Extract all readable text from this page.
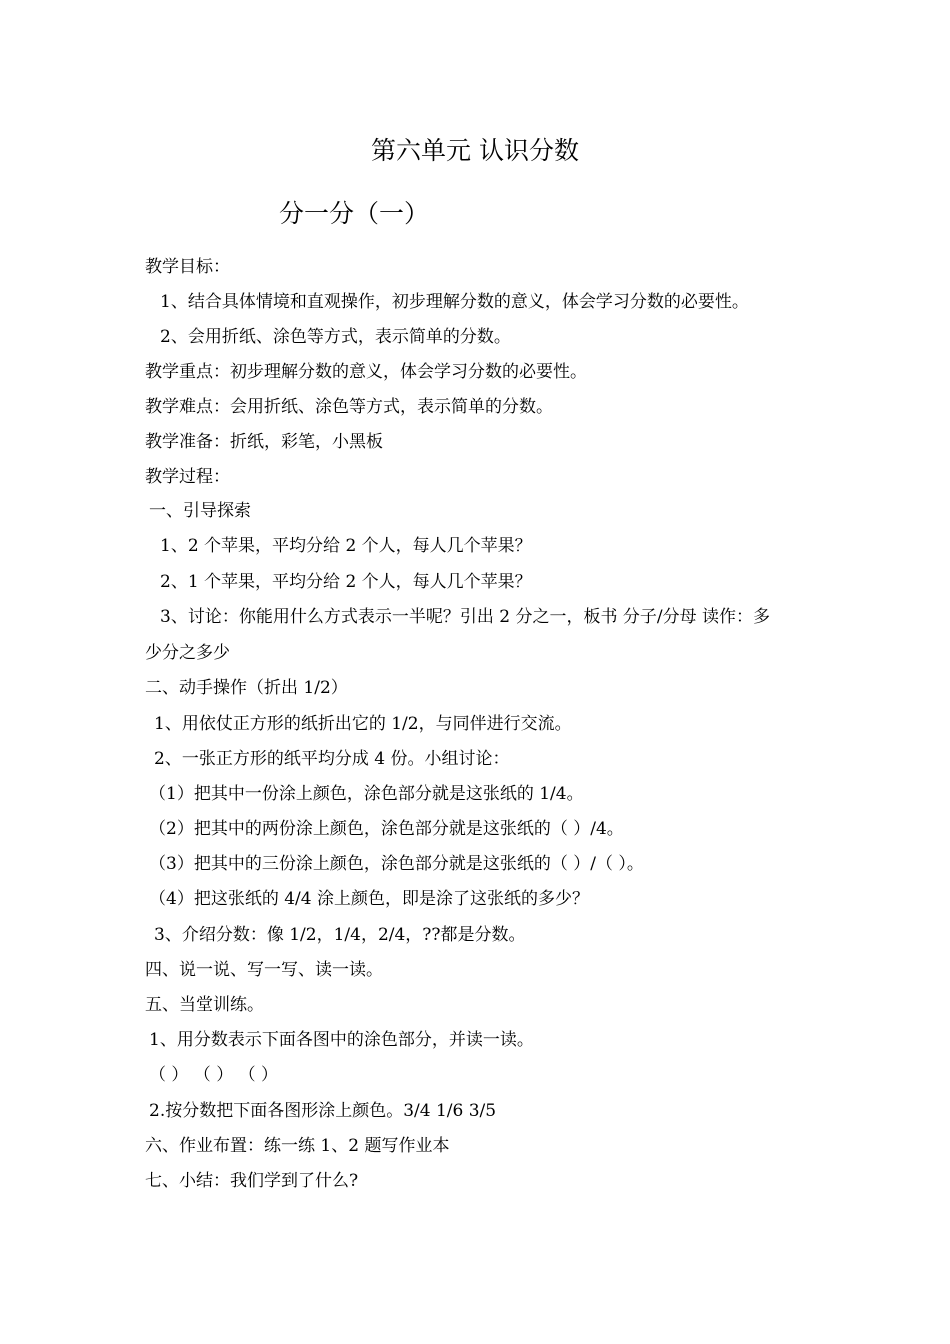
第六单元 认识分数
分一分（一）
教学目标：
1、结合具体情境和直观操作，初步理解分数的意义，体会学习分数的必要性。
2、会用折纸、涂色等方式，表示简单的分数。
教学重点：初步理解分数的意义，体会学习分数的必要性。
教学难点：会用折纸、涂色等方式，表示简单的分数。
教学准备：折纸，彩笔，小黑板
教学过程：
一、引导探索
1、2 个苹果，平均分给 2 个人，每人几个苹果？
2、1 个苹果，平均分给 2 个人，每人几个苹果？
3、讨论：你能用什么方式表示一半呢？引出 2 分之一，板书 分子/分母 读作：多
少分之多少
二、动手操作（折出 1/2）
1、用依仗正方形的纸折出它的 1/2，与同伴进行交流。
2、一张正方形的纸平均分成 4 份。小组讨论：
（1）把其中一份涂上颜色，涂色部分就是这张纸的 1/4。
（2）把其中的两份涂上颜色，涂色部分就是这张纸的（ ）/4。
（3）把其中的三份涂上颜色，涂色部分就是这张纸的（ ）/（ ）。
（4）把这张纸的 4/4 涂上颜色，即是涂了这张纸的多少？
3、介绍分数：像 1/2，1/4，2/4，??都是分数。
四、说一说、写一写、读一读。
五、当堂训练。
1、用分数表示下面各图中的涂色部分，并读一读。
（ ） （ ） （ ）
2.按分数把下面各图形涂上颜色。3/4 1/6 3/5
六、作业布置：练一练 1、2 题写作业本
七、小结：我们学到了什么?
